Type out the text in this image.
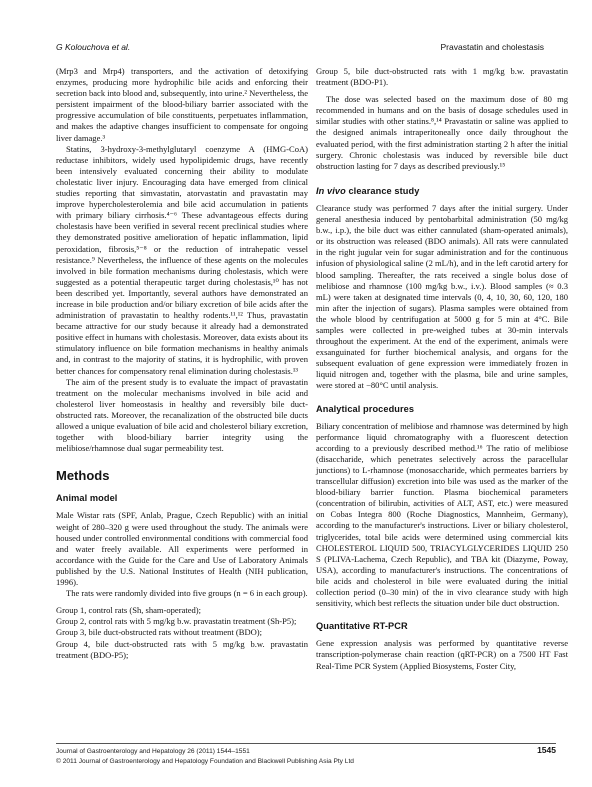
G Kolouchova et al.	Pravastatin and cholestasis

(Mrp3 and Mrp4) transporters, and the activation of detoxifying enzymes, producing more hydrophilic bile acids and enforcing their secretion back into blood and, subsequently, into urine.² Nevertheless, the persistent impairment of the blood-biliary barrier associated with the progressive accumulation of bile constituents, perpetuates inflammation, and makes the adaptive changes insufficient to compensate for ongoing liver damage.³

Statins, 3-hydroxy-3-methylglutaryl coenzyme A (HMG-CoA) reductase inhibitors, widely used hypolipidemic drugs, have recently been intensively evaluated concerning their ability to modulate cholestatic liver injury. Encouraging data have emerged from clinical studies reporting that simvastatin, atorvastatin and pravastatin may improve hypercholesterolemia and bile acid accumulation in patients with primary biliary cirrhosis.⁴⁻⁶ These advantageous effects during cholestasis have been verified in several recent preclinical studies where they demonstrated positive amelioration of hepatic inflammation, lipid peroxidation, fibrosis,⁵⁻⁸ or the reduction of intrahepatic vessel resistance.⁹ Nevertheless, the influence of these agents on the molecules involved in bile formation mechanisms during cholestasis, which were suggested as a potential therapeutic target during cholestasis,¹⁰ has not been described yet. Importantly, several authors have demonstrated an increase in bile production and/or biliary excretion of bile acids after the administration of pravastatin to healthy rodents.¹¹,¹² Thus, pravastatin became attractive for our study because it already had a demonstrated positive effect in humans with cholestasis. Moreover, data exists about its stimulatory influence on bile formation mechanisms in healthy animals and, in contrast to the majority of statins, it is hydrophilic, with proven better chances for compensatory renal elimination during cholestasis.¹³

The aim of the present study is to evaluate the impact of pravastatin treatment on the molecular mechanisms involved in bile acid and cholesterol liver homeostasis in healthy and reversibly bile duct-obstructed rats. Moreover, the recanalization of the obstructed bile ducts allowed a unique evaluation of bile acid and cholesterol biliary excretion, together with blood-biliary barrier integrity using the melibiose/rhamnose dual sugar permeability test.

Methods
Animal model

Male Wistar rats (SPF, Anlab, Prague, Czech Republic) with an initial weight of 280–320 g were used throughout the study. The animals were housed under controlled environmental conditions with commercial food and water freely available. All experiments were performed in accordance with the Guide for the Care and Use of Laboratory Animals published by the U.S. National Institutes of Health (NIH publication, 1996).

The rats were randomly divided into five groups (n = 6 in each group).

Group 1, control rats (Sh, sham-operated);

Group 2, control rats with 5 mg/kg b.w. pravastatin treatment (Sh-P5);

Group 3, bile duct-obstructed rats without treatment (BDO);

Group 4, bile duct-obstructed rats with 5 mg/kg b.w. pravastatin treatment (BDO-P5);

Group 5, bile duct-obstructed rats with 1 mg/kg b.w. pravastatin treatment (BDO-P1).

The dose was selected based on the maximum dose of 80 mg recommended in humans and on the basis of dosage schedules used in similar studies with other statins.⁸,¹⁴ Pravastatin or saline was applied to the designed animals intraperitoneally once daily throughout the evaluated period, with the first administration starting 2 h after the initial surgery. Chronic cholestasis was induced by reversible bile duct obstruction lasting for 7 days as described previously.¹⁵

In vivo clearance study

Clearance study was performed 7 days after the initial surgery. Under general anesthesia induced by pentobarbital administration (50 mg/kg b.w., i.p.), the bile duct was either cannulated (sham-operated animals), or its obstruction was released (BDO animals). All rats were cannulated in the right jugular vein for sugar administration and for the continuous infusion of physiological saline (2 mL/h), and in the left carotid artery for blood sampling. Thereafter, the rats received a single bolus dose of melibiose and rhamnose (100 mg/kg b.w., i.v.). Blood samples (≈ 0.3 mL) were taken at designated time intervals (0, 4, 10, 30, 60, 120, 180 min after the injection of sugars). Plasma samples were obtained from the whole blood by centrifugation at 5000 g for 5 min at 4°C. Bile samples were collected in pre-weighed tubes at 30-min intervals throughout the experiment. At the end of the experiment, animals were exsanguinated for further biochemical analysis, and organs for the subsequent evaluation of gene expression were immediately frozen in liquid nitrogen and, together with the plasma, bile and urine samples, were stored at −80°C until analysis.

Analytical procedures

Biliary concentration of melibiose and rhamnose was determined by high performance liquid chromatography with a fluorescent detection according to a previously described method.¹⁶ The ratio of melibiose (disaccharide, which penetrates selectively across the paracellular junctions) to L-rhamnose (monosaccharide, which permeates barriers by transcellular diffusion) excretion into bile was used as the marker of the blood-biliary barrier function. Plasma biochemical parameters (concentration of bilirubin, activities of ALT, AST, etc.) were measured on Cobas Integra 800 (Roche Diagnostics, Mannheim, Germany), according to the manufacturer's instructions. Liver or biliary cholesterol, triglycerides, total bile acids were determined using commercial kits CHOLESTEROL LIQUID 500, TRIACYLGLYCERIDES LIQUID 250 S (PLIVA-Lachema, Czech Republic), and TBA kit (Diazyme, Poway, USA), according to manufacturer's instructions. The concentrations of bile acids and cholesterol in bile were evaluated during the initial collection period (0–30 min) of the in vivo clearance study with high sensitivity, which best reflects the situation under bile duct obstruction.

Quantitative RT-PCR

Gene expression analysis was performed by quantitative reverse transcription-polymerase chain reaction (qRT-PCR) on a 7500 HT Fast Real-Time PCR System (Applied Biosystems, Foster City,

Journal of Gastroenterology and Hepatology 26 (2011) 1544–1551
© 2011 Journal of Gastroenterology and Hepatology Foundation and Blackwell Publishing Asia Pty Ltd
1545
